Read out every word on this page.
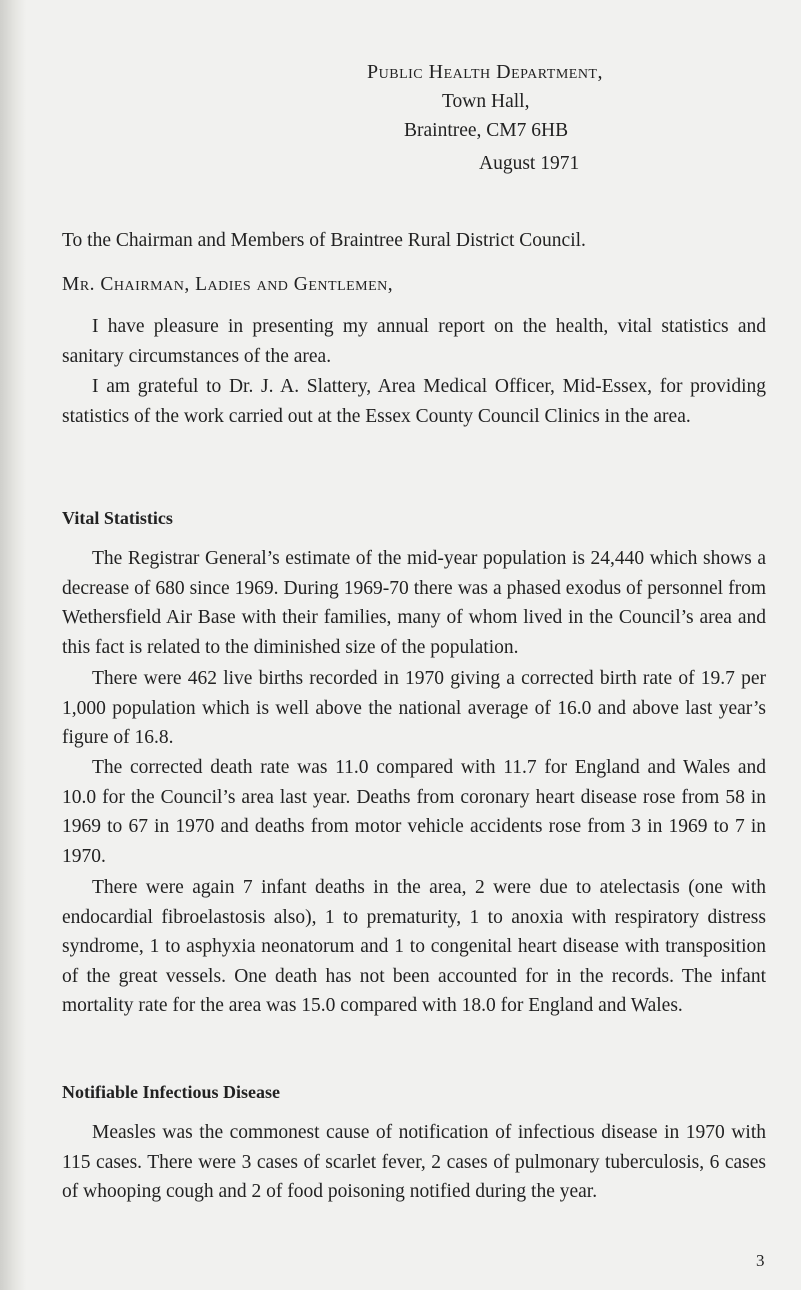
Public Health Department,
Town Hall,
Braintree, CM7 6HB
August 1971

To the Chairman and Members of Braintree Rural District Council.

Mr. Chairman, Ladies and Gentlemen,

I have pleasure in presenting my annual report on the health, vital statistics and sanitary circumstances of the area.

I am grateful to Dr. J. A. Slattery, Area Medical Officer, Mid-Essex, for providing statistics of the work carried out at the Essex County Council Clinics in the area.

Vital Statistics

The Registrar General’s estimate of the mid-year population is 24,440 which shows a decrease of 680 since 1969. During 1969-70 there was a phased exodus of personnel from Wethersfield Air Base with their families, many of whom lived in the Council’s area and this fact is related to the diminished size of the population.

There were 462 live births recorded in 1970 giving a corrected birth rate of 19.7 per 1,000 population which is well above the national average of 16.0 and above last year’s figure of 16.8.

The corrected death rate was 11.0 compared with 11.7 for England and Wales and 10.0 for the Council’s area last year. Deaths from coronary heart disease rose from 58 in 1969 to 67 in 1970 and deaths from motor vehicle accidents rose from 3 in 1969 to 7 in 1970.

There were again 7 infant deaths in the area, 2 were due to atelectasis (one with endocardial fibroelastosis also), 1 to prematurity, 1 to anoxia with respiratory distress syndrome, 1 to asphyxia neonatorum and 1 to congenital heart disease with transposition of the great vessels. One death has not been accounted for in the records. The infant mortality rate for the area was 15.0 compared with 18.0 for England and Wales.

Notifiable Infectious Disease

Measles was the commonest cause of notification of infectious disease in 1970 with 115 cases. There were 3 cases of scarlet fever, 2 cases of pulmonary tuberculosis, 6 cases of whooping cough and 2 of food poisoning notified during the year.

3
